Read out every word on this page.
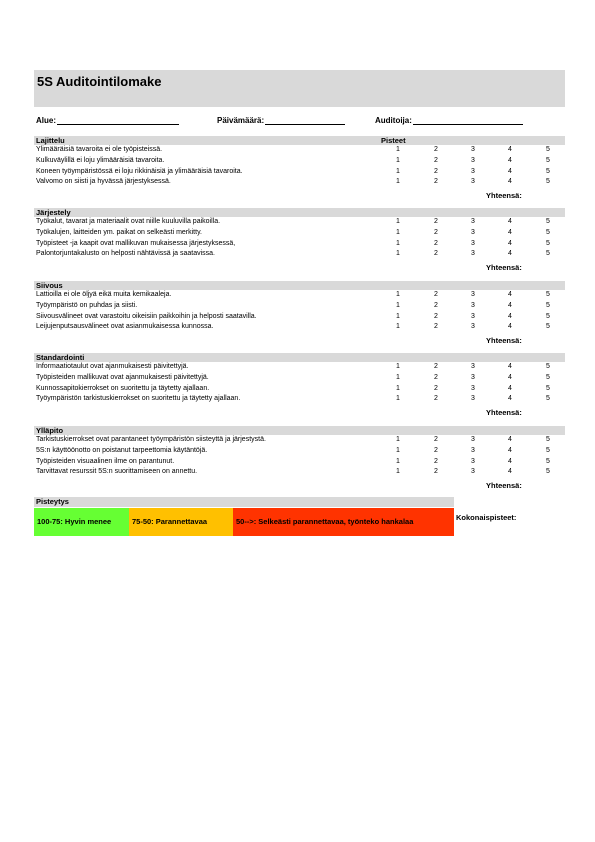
5S Auditointilomake
Alue:	Päivämäärä:	Auditoija:
Lajittelu	Pisteet
Ylimääräisiä tavaroita ei ole työpisteissä.	1	2	3	4	5
Kulkuväylillä ei loju ylimääräisiä tavaroita.	1	2	3	4	5
Koneen työympäristössä ei loju rikkinäisiä ja ylimääräisiä tavaroita.	1	2	3	4	5
Valvomo on siisti ja hyvässä järjestyksessä.	1	2	3	4	5
Yhteensä:
Järjestely
Työkalut, tavarat ja materiaalit ovat niille kuuluvilla paikoilla.	1	2	3	4	5
Työkalujen, laitteiden ym. paikat on selkeästi merkitty.	1	2	3	4	5
Työpisteet -ja kaapit ovat mallikuvan mukaisessa järjestyksessä,	1	2	3	4	5
Palontorjuntakalusto on helposti nähtävissä ja saatavissa.	1	2	3	4	5
Yhteensä:
Siivous
Lattioilla ei ole öljyä eikä muita kemikaaleja.	1	2	3	4	5
Työympäristö on puhdas ja siisti.	1	2	3	4	5
Siivousvälineet ovat varastoitu oikeisiin paikkoihin ja helposti saatavilla.	1	2	3	4	5
Leijujenputsausvälineet ovat asianmukaisessa kunnossa.	1	2	3	4	5
Yhteensä:
Standardointi
Informaatiotaulut ovat ajanmukaisesti päivitettyjä.	1	2	3	4	5
Työpisteiden mallikuvat ovat ajanmukaisesti päivitettyjä.	1	2	3	4	5
Kunnossapitokierrokset on suoritettu ja täytetty ajallaan.	1	2	3	4	5
Työympäristön tarkistuskierrokset on suoritettu ja täytetty ajallaan.	1	2	3	4	5
Yhteensä:
Ylläpito
Tarkistuskierrokset ovat parantaneet työympäristön siisteyttä ja järjestystä.	1	2	3	4	5
5S:n käyttöönotto on poistanut tarpeettomia käytäntöjä.	1	2	3	4	5
Työpisteiden visuaalinen ilme on parantunut.	1	2	3	4	5
Tarvittavat resurssit 5S:n suorittamiseen on annettu.	1	2	3	4	5
Yhteensä:
Pisteytys
100-75: Hyvin menee	75-50: Parannettavaa	50-->: Selkeästi parannettavaa, työnteko hankalaa	Kokonaispisteet:
